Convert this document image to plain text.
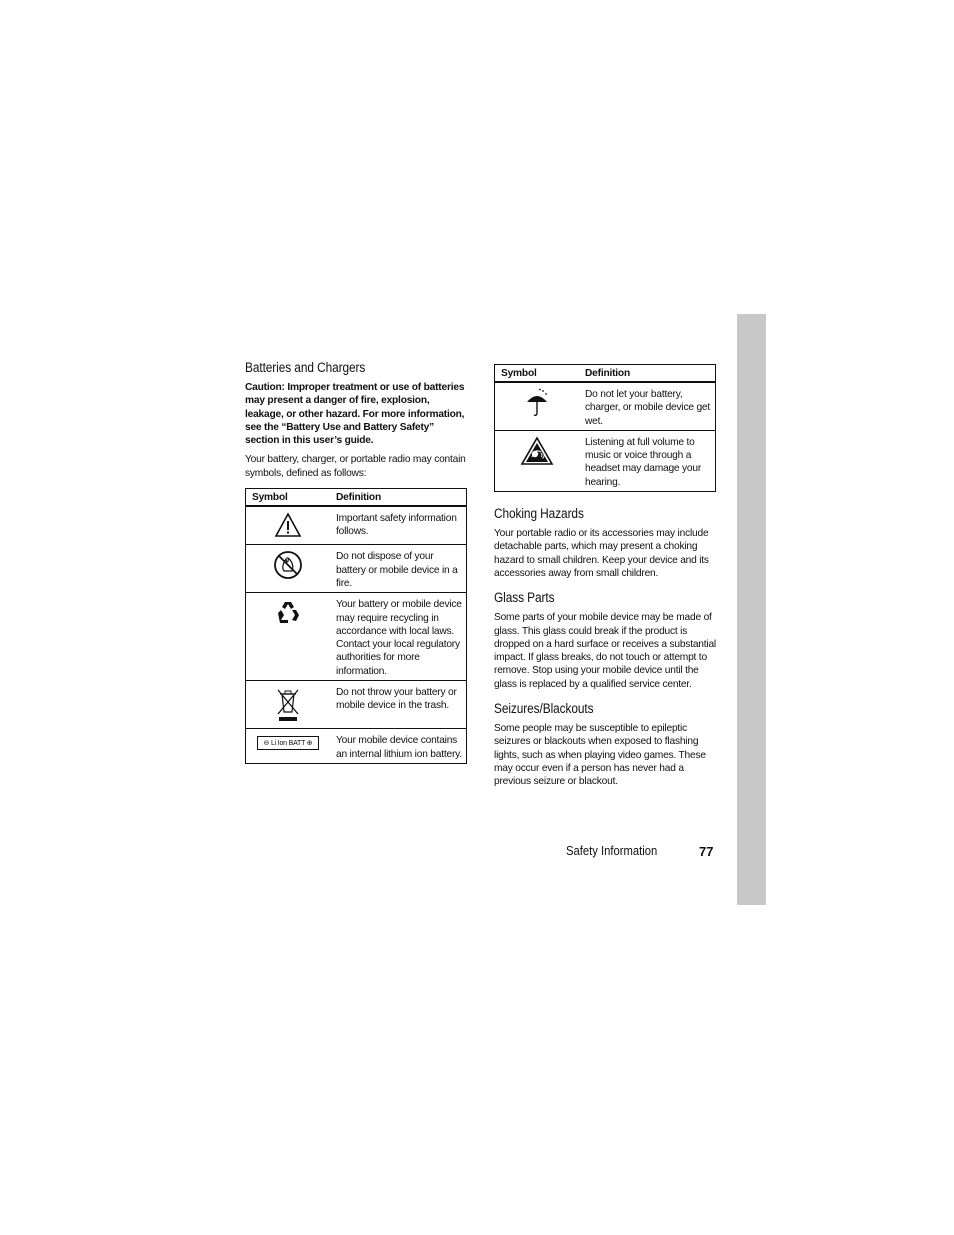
Batteries and Chargers

Caution: Improper treatment or use of batteries may present a danger of fire, explosion, leakage, or other hazard. For more information, see the “Battery Use and Battery Safety” section in this user’s guide.

Your battery, charger, or portable radio may contain symbols, defined as follows:

Symbol	Definition
	Important safety information follows.
	Do not dispose of your battery or mobile device in a fire.
	Your battery or mobile device may require recycling in accordance with local laws. Contact your local regulatory authorities for more information.
	Do not throw your battery or mobile device in the trash.
⊖ Li Ion BATT ⊕	Your mobile device contains an internal lithium ion battery.
Symbol	Definition
	Do not let your battery, charger, or mobile device get wet.
	Listening at full volume to music or voice through a headset may damage your hearing.
Choking Hazards

Your portable radio or its accessories may include detachable parts, which may present a choking hazard to small children. Keep your device and its accessories away from small children.

Glass Parts

Some parts of your mobile device may be made of glass. This glass could break if the product is dropped on a hard surface or receives a substantial impact. If glass breaks, do not touch or attempt to remove. Stop using your mobile device until the glass is replaced by a qualified service center.

Seizures/Blackouts

Some people may be susceptible to epileptic seizures or blackouts when exposed to flashing lights, such as when playing video games. These may occur even if a person has never had a previous seizure or blackout.

Safety Information	77
